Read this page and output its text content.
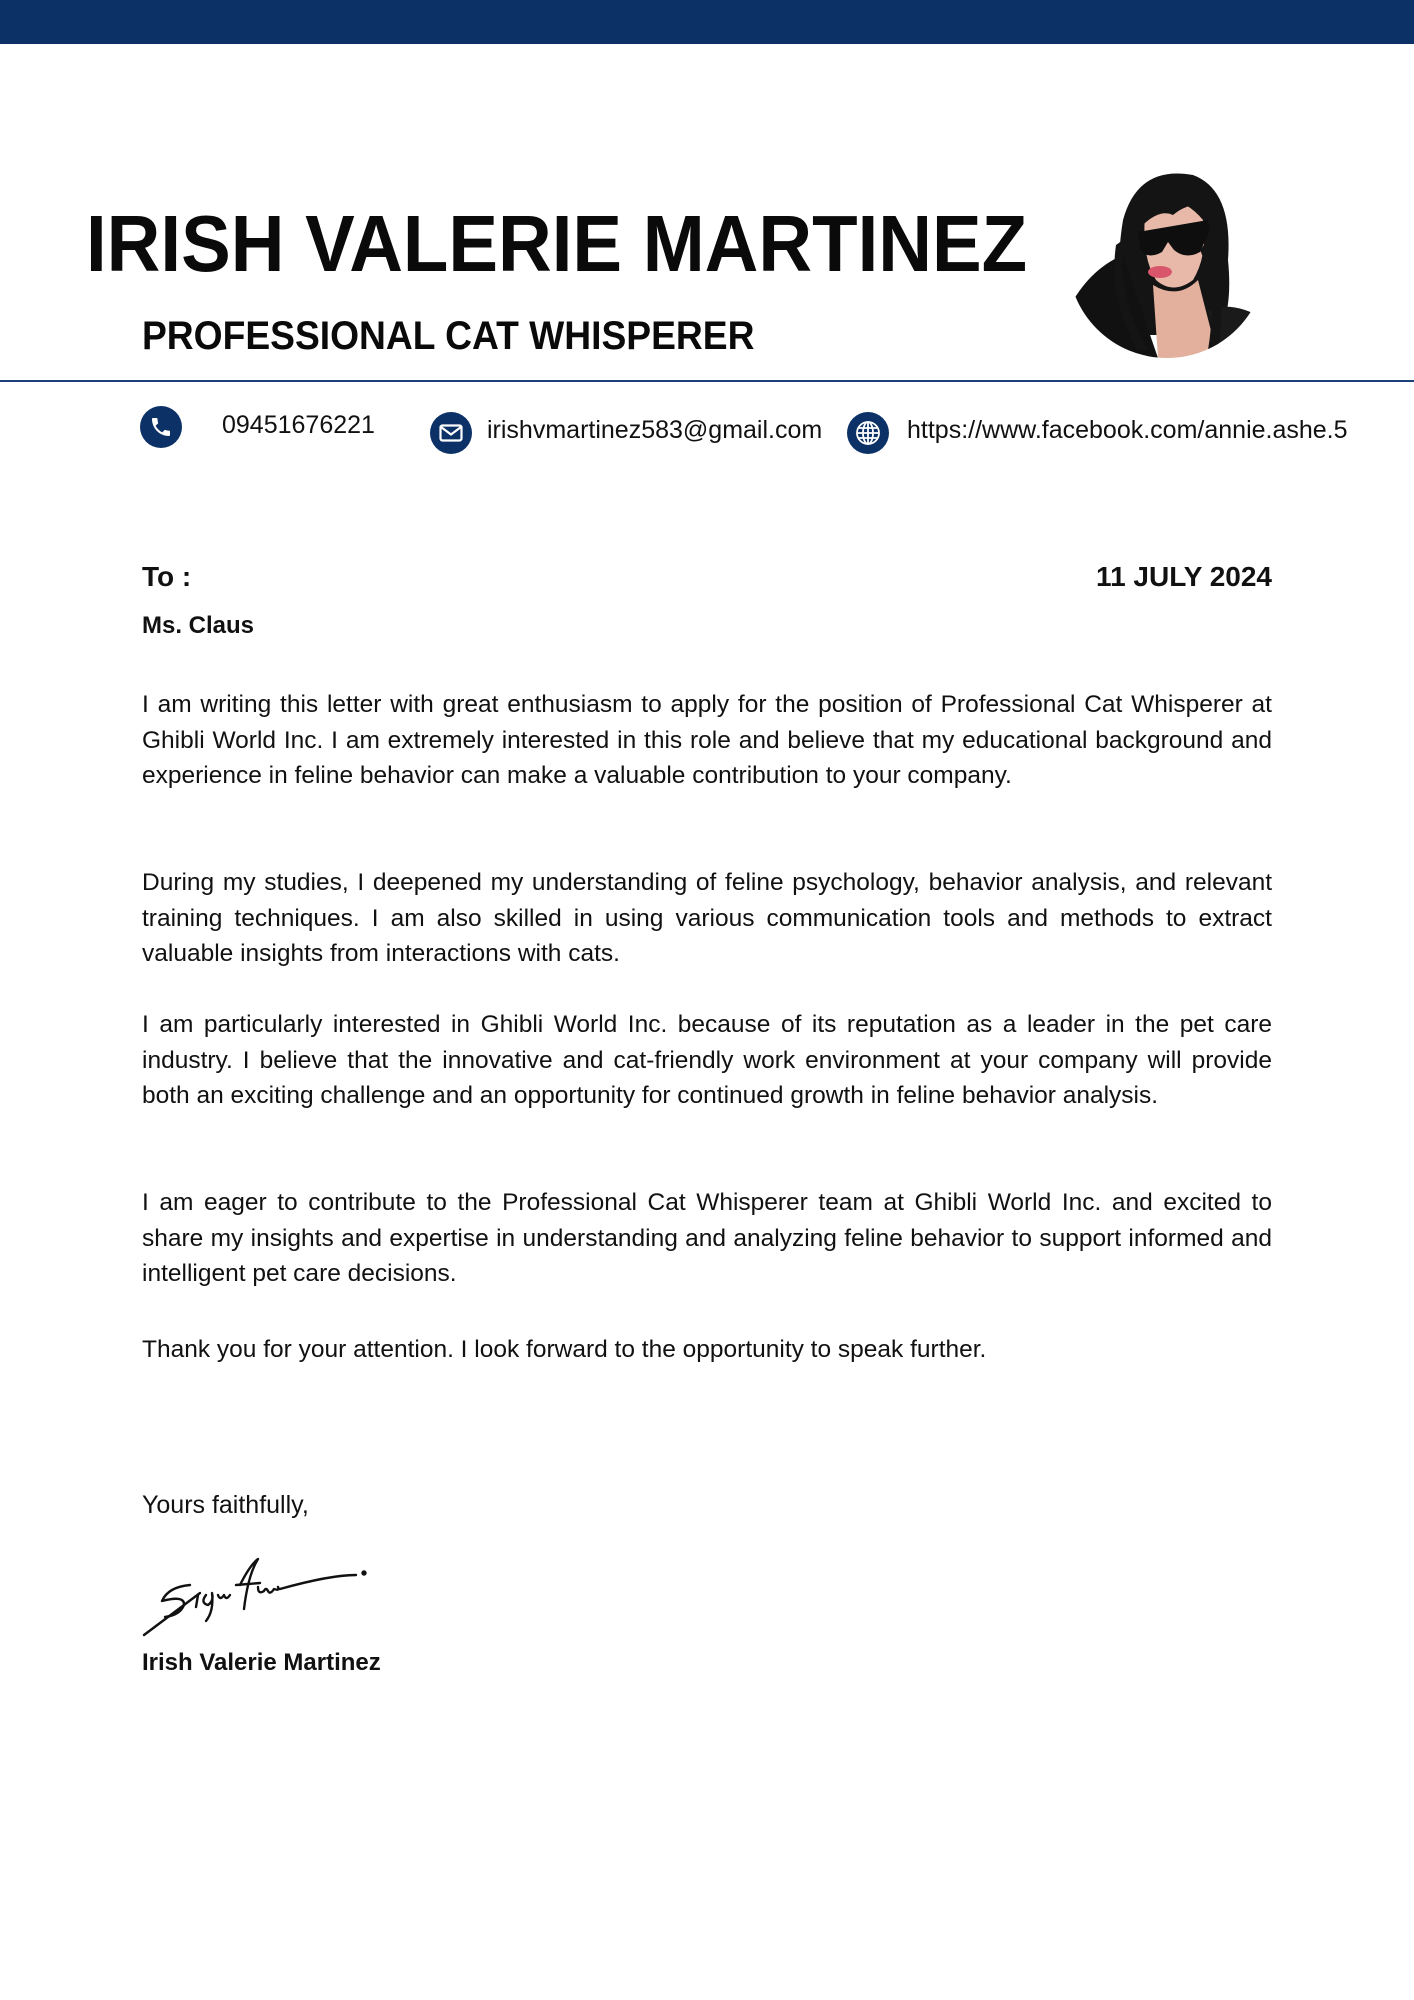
IRISH VALERIE MARTINEZ
PROFESSIONAL CAT WHISPERER
09451676221	irishvmartinez583@gmail.com	https://www.facebook.com/annie.ashe.5
To :	11 JULY 2024
Ms. Claus

I am writing this letter with great enthusiasm to apply for the position of Professional Cat Whisperer at Ghibli World Inc. I am extremely interested in this role and believe that my educational background and experience in feline behavior can make a valuable contribution to your company.

During my studies, I deepened my understanding of feline psychology, behavior analysis, and relevant training techniques. I am also skilled in using various communication tools and methods to extract valuable insights from interactions with cats.

I am particularly interested in Ghibli World Inc. because of its reputation as a leader in the pet care industry. I believe that the innovative and cat-friendly work environment at your company will provide both an exciting challenge and an opportunity for continued growth in feline behavior analysis.

I am eager to contribute to the Professional Cat Whisperer team at Ghibli World Inc. and excited to share my insights and expertise in understanding and analyzing feline behavior to support informed and intelligent pet care decisions.

Thank you for your attention. I look forward to the opportunity to speak further.

Yours faithfully,
Irish Valerie Martinez
